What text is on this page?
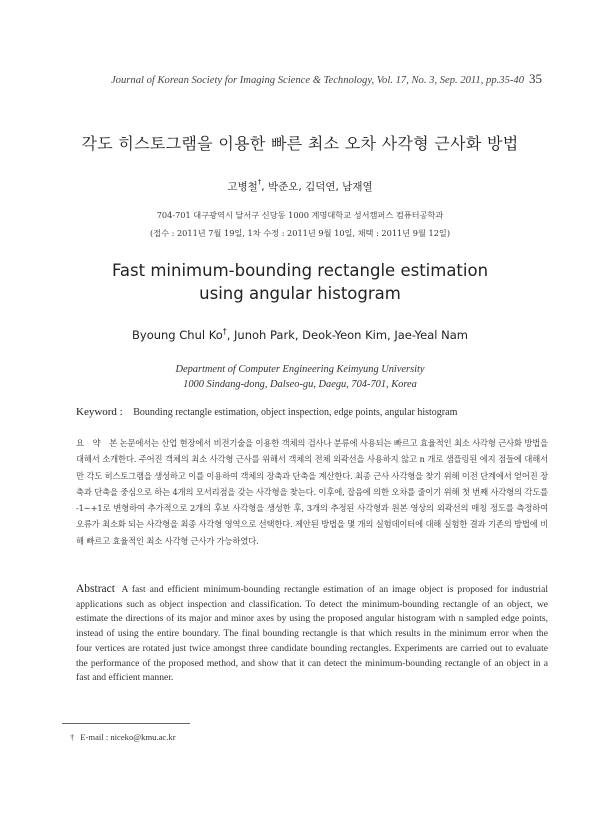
Journal of Korean Society for Imaging Science & Technology, Vol. 17, No. 3, Sep. 2011, pp.35-40 35
각도 히스토그램을 이용한 빠른 최소 오차 사각형 근사화 방법
고병철†, 박준오, 김덕연, 남재열
704-701 대구광역시 달서구 신당동 1000 계명대학교 성서캠퍼스 컴퓨터공학과
(접수 : 2011년 7월 19일, 1차 수정 : 2011년 9월 10일, 채택 : 2011년 9월 12일)
Fast minimum-bounding rectangle estimation
using angular histogram
Byoung Chul Ko†, Junoh Park, Deok-Yeon Kim, Jae-Yeal Nam
Department of Computer Engineering Keimyung University
1000 Sindang-dong, Dalseo-gu, Daegu, 704-701, Korea
Keyword : Bounding rectangle estimation, object inspection, edge points, angular histogram
요 약 본 논문에서는 산업 현장에서 비전기술을 이용한 객체의 검사나 분류에 사용되는 빠르고 효율적인 최소 사각형 근사화 방법을 대해서 소개한다. 주어진 객체의 최소 사각형 근사를 위해서 객체의 전체 외곽선을 사용하지 않고 n 개로 샘플링된 에지 점들에 대해서만 각도 히스토그램을 생성하고 이를 이용하여 객체의 장축과 단축을 계산한다. 최종 근사 사각형을 찾기 위해 이전 단계에서 얻어진 장축과 단축을 중심으로 하는 4개의 모서리점을 갖는 사각형을 찾는다. 이후에, 잡음에 의한 오차를 줄이기 위해 첫 번째 사각형의 각도를 -1∼+1로 변형하여 추가적으로 2개의 후보 사각형을 생성한 후, 3개의 추정된 사각형과 원본 영상의 외곽선의 매칭 정도를 측정하여 오류가 최소화 되는 사각형을 최종 사각형 영역으로 선택한다. 제안된 방법을 몇 개의 실험데이터에 대해 실험한 결과 기존의 방법에 비해 빠르고 효율적인 최소 사각형 근사가 가능하였다.
Abstract A fast and efficient minimum-bounding rectangle estimation of an image object is proposed for industrial applications such as object inspection and classification. To detect the minimum-bounding rectangle of an object, we estimate the directions of its major and minor axes by using the proposed angular histogram with n sampled edge points, instead of using the entire boundary. The final bounding rectangle is that which results in the minimum error when the four vertices are rotated just twice amongst three candidate bounding rectangles. Experiments are carried out to evaluate the performance of the proposed method, and show that it can detect the minimum-bounding rectangle of an object in a fast and efficient manner.
† E-mail : niceko@kmu.ac.kr
